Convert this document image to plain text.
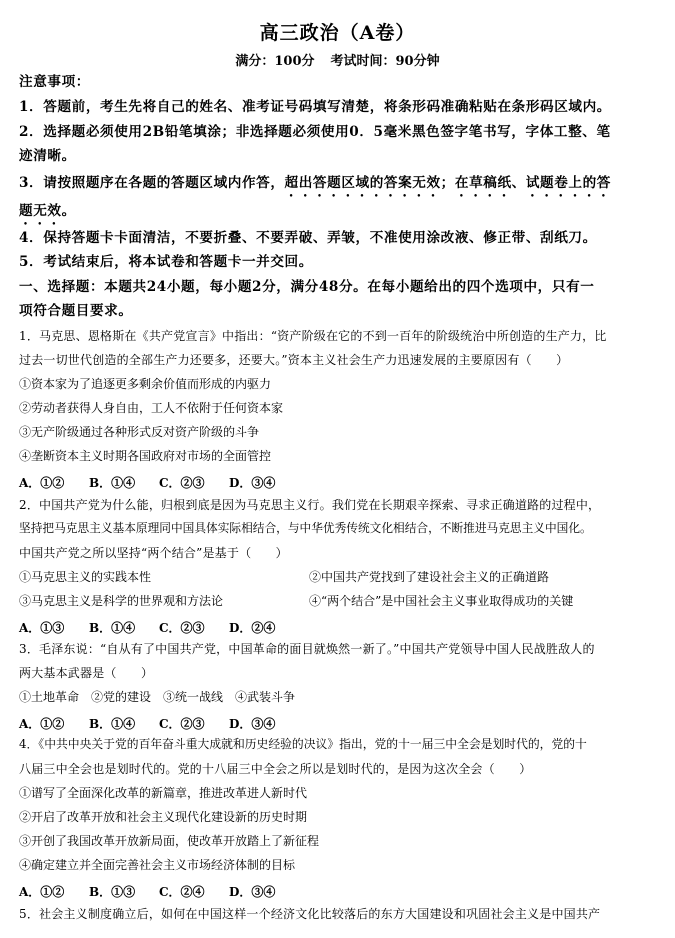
高三政治（A卷）
满分：100分 考试时间：90分钟
注意事项：
1．答题前，考生先将自己的姓名、准考证号码填写清楚，将条形码准确粘贴在条形码区域内。
2．选择题必须使用2B铅笔填涂；非选择题必须使用0．5毫米黑色签字笔书写，字体工整、笔
迹清晰。
3．请按照题序在各题的答题区域内作答，超出答题区域的答案无效；在草稿纸、试题卷上的答
题无效。
4．保持答题卡卡面清洁，不要折叠、不要弄破、弄皱，不准使用涂改液、修正带、刮纸刀。
5．考试结束后，将本试卷和答题卡一并交回。
一、选择题：本题共24小题，每小题2分，满分48分。在每小题给出的四个选项中，只有一
项符合题目要求。
1．马克思、恩格斯在《共产党宣言》中指出：“资产阶级在它的不到一百年的阶级统治中所创造的生产力，比
过去一切世代创造的全部生产力还要多，还要大。”资本主义社会生产力迅速发展的主要原因有（　　）
①资本家为了追逐更多剩余价值而形成的内驱力
②劳动者获得人身自由，工人不依附于任何资本家
③无产阶级通过各种形式反对资产阶级的斗争
④垄断资本主义时期各国政府对市场的全面管控
A．①② B．①④ C．②③ D．③④
2．中国共产党为什么能，归根到底是因为马克思主义行。我们党在长期艰辛探索、寻求正确道路的过程中，
坚持把马克思主义基本原理同中国具体实际相结合，与中华优秀传统文化相结合，不断推进马克思主义中国化。
中国共产党之所以坚持“两个结合”是基于（　　）
①马克思主义的实践本性	②中国共产党找到了建设社会主义的正确道路
③马克思主义是科学的世界观和方法论	④“两个结合”是中国社会主义事业取得成功的关键
A．①③ B．①④ C．②③ D．②④
3．毛泽东说：“自从有了中国共产党，中国革命的面目就焕然一新了。”中国共产党领导中国人民战胜敌人的
两大基本武器是（　　）
①土地革命 ②党的建设 ③统一战线 ④武装斗争
A．①② B．①④ C．②③ D．③④
4．《中共中央关于党的百年奋斗重大成就和历史经验的决议》指出，党的十一届三中全会是划时代的，党的十
八届三中全会也是划时代的。党的十八届三中全会之所以是划时代的，是因为这次全会（　　）
①谱写了全面深化改革的新篇章，推进改革进人新时代
②开启了改革开放和社会主义现代化建设新的历史时期
③开创了我国改革开放新局面，使改革开放踏上了新征程
④确定建立并全面完善社会主义市场经济体制的目标
A．①② B．①③ C．②④ D．③④
5．社会主义制度确立后，如何在中国这样一个经济文化比较落后的东方大国建设和巩固社会主义是中国共产
